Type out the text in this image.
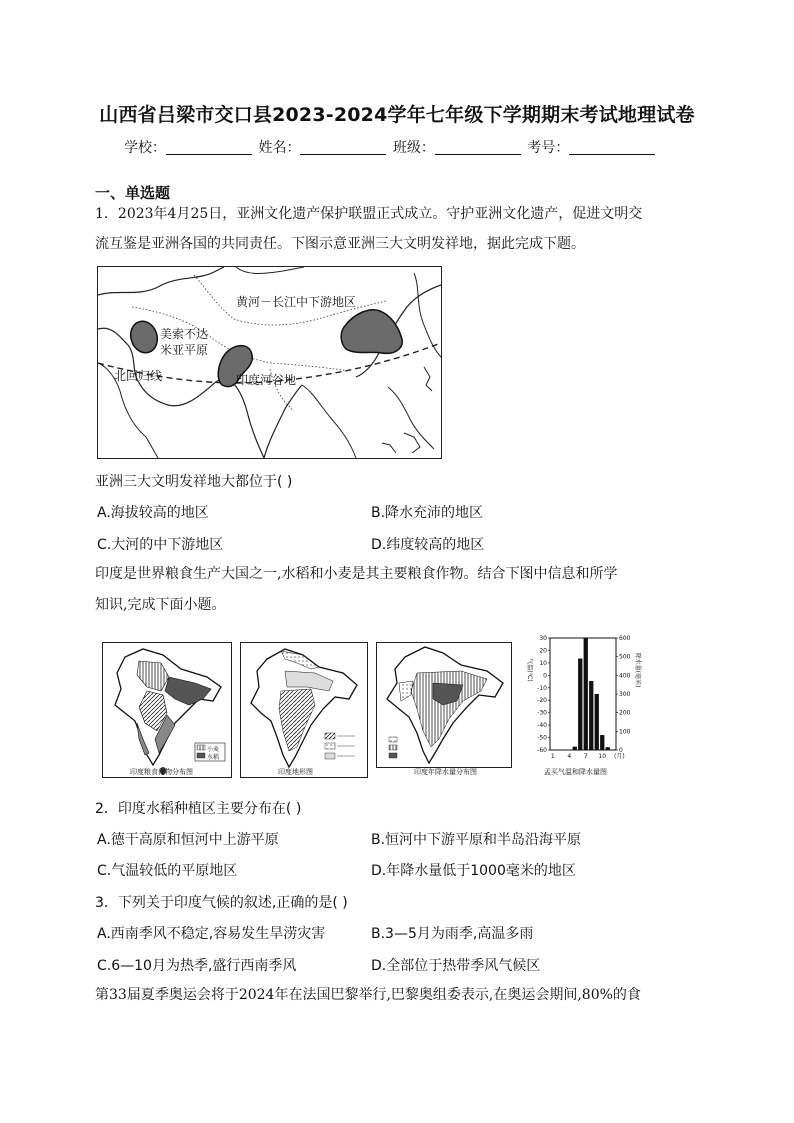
山西省吕梁市交口县2023-2024学年七年级下学期期末考试地理试卷
学校：	姓名：	班级：	考号：
一、单选题
1．2023年4月25日，亚洲文化遗产保护联盟正式成立。守护亚洲文化遗产，促进文明交
流互鉴是亚洲各国的共同责任。下图示意亚洲三大文明发祥地，据此完成下题。
黄河－长江中下游地区
美索不达
米亚平原
印度河谷地
北回归线
亚洲三大文明发祥地大都位于( )
A.海拔较高的地区	B.降水充沛的地区
C.大河的中下游地区	D.纬度较高的地区
印度是世界粮食生产大国之一,水稻和小麦是其主要粮食作物。结合下图中信息和所学
知识,完成下面小题。
小麦
水稻
印度粮食作物分布图	印度地形图	印度年降水量分布图
30
20
10
0
-10
-20
-30
-40
-50
-60
600
500
400
300
200
100
0
1 4 7 10 (月)
气温(℃)	降水量(毫米)
孟买气温和降水量图
2．印度水稻种植区主要分布在( )
A.德干高原和恒河中上游平原	B.恒河中下游平原和半岛沿海平原
C.气温较低的平原地区	D.年降水量低于1000毫米的地区
3．下列关于印度气候的叙述,正确的是( )
A.西南季风不稳定,容易发生旱涝灾害	B.3—5月为雨季,高温多雨
C.6—10月为热季,盛行西南季风	D.全部位于热带季风气候区
第33届夏季奥运会将于2024年在法国巴黎举行,巴黎奥组委表示,在奥运会期间,80%的食
